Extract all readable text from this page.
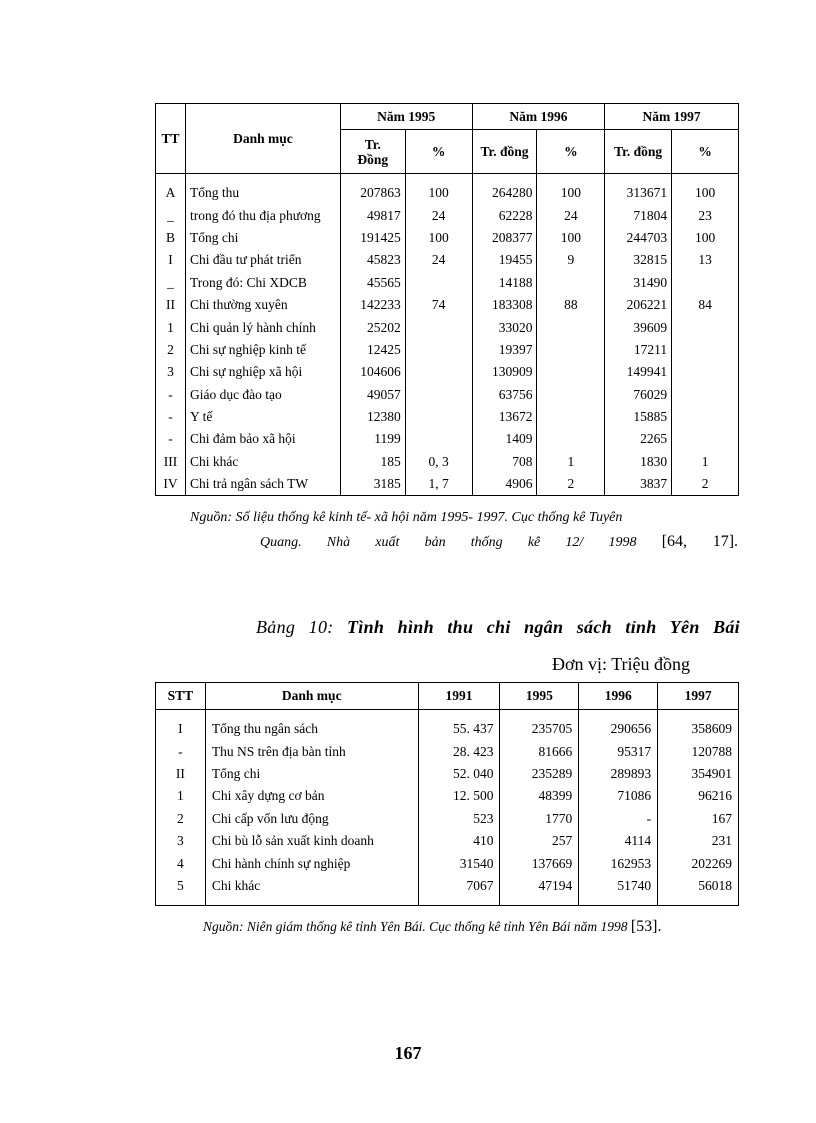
TT	Danh mục	Năm 1995		Năm 1996		Năm 1997	
		Tr. Đồng	%	Tr. đồng	%	Tr. đồng	%
A	Tổng thu	207863	100	264280	100	313671	100
_	trong đó thu địa phương	49817	24	62228	24	71804	23
B	Tổng chi	191425	100	208377	100	244703	100
I	Chi đầu tư phát triển	45823	24	19455	9	32815	13
_	Trong đó: Chi XDCB	45565		14188		31490	
II	Chi thường xuyên	142233	74	183308	88	206221	84
1	Chi quản lý hành chính	25202		33020		39609	
2	Chi sự nghiệp kinh tế	12425		19397		17211	
3	Chi sự nghiệp xã hội	104606		130909		149941	
-	Giáo dục đào tạo	49057		63756		76029	
-	Y tế	12380		13672		15885	
-	Chi đảm bảo xã hội	1199		1409		2265	
III	Chi khác	185	0, 3	708	1	1830	1
IV	Chi trả ngân sách TW	3185	1, 7	4906	2	3837	2
Nguồn: Số liệu thống kê kinh tế- xã hội năm 1995- 1997. Cục thống kê Tuyên
Quang. Nhà xuất bản thống kê 12/ 1998 [64, 17].
Bảng 10: Tình hình thu chi ngân sách tỉnh Yên Bái
Đơn vị: Triệu đồng
STT	Danh mục	1991	1995	1996	1997
I	Tổng thu ngân sách	55. 437	235705	290656	358609
-	Thu NS trên địa bàn tỉnh	28. 423	81666	95317	120788
II	Tổng chi	52. 040	235289	289893	354901
1	Chi xây dựng cơ bản	12. 500	48399	71086	96216
2	Chi cấp vốn lưu động	523	1770	-	167
3	Chi bù lỗ sản xuất kinh doanh	410	257	4114	231
4	Chi hành chính sự nghiệp	31540	137669	162953	202269
5	Chi khác	7067	47194	51740	56018
Nguồn: Niên giám thống kê tỉnh Yên Bái. Cục thống kê tỉnh Yên Bái năm 1998 [53].
167
